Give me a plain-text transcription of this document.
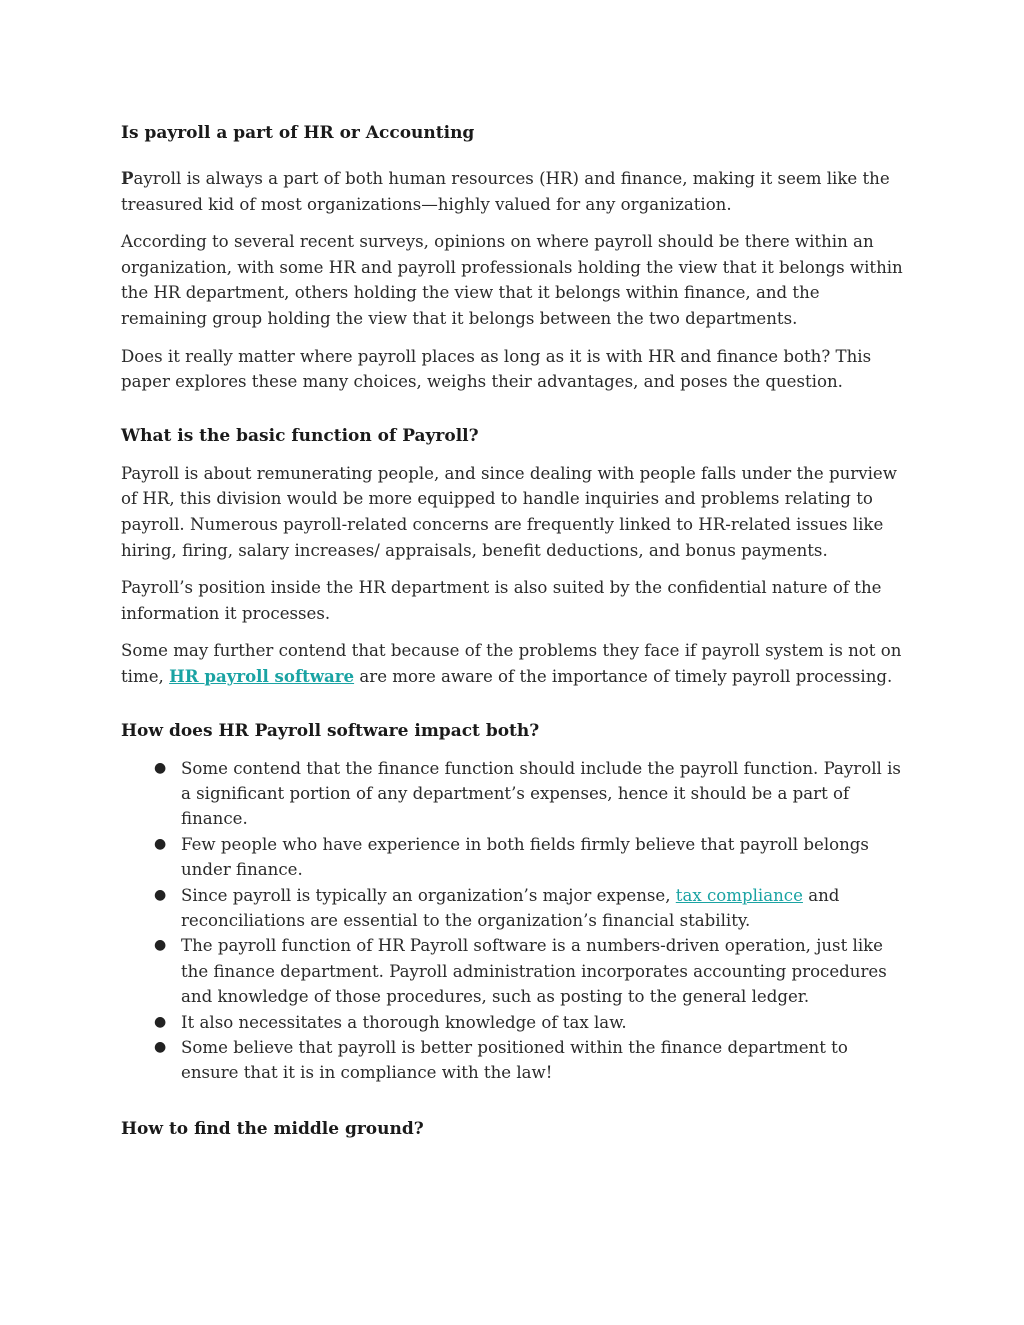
Is payroll a part of HR or Accounting

Payroll is always a part of both human resources (HR) and finance, making it seem like the treasured kid of most organizations—highly valued for any organization.

According to several recent surveys, opinions on where payroll should be there within an organization, with some HR and payroll professionals holding the view that it belongs within the HR department, others holding the view that it belongs within finance, and the remaining group holding the view that it belongs between the two departments.

Does it really matter where payroll places as long as it is with HR and finance both? This paper explores these many choices, weighs their advantages, and poses the question.

What is the basic function of Payroll?

Payroll is about remunerating people, and since dealing with people falls under the purview of HR, this division would be more equipped to handle inquiries and problems relating to payroll. Numerous payroll-related concerns are frequently linked to HR-related issues like hiring, firing, salary increases/ appraisals, benefit deductions, and bonus payments.

Payroll’s position inside the HR department is also suited by the confidential nature of the information it processes.

Some may further contend that because of the problems they face if payroll system is not on time, HR payroll software are more aware of the importance of timely payroll processing.

How does HR Payroll software impact both?
● Some contend that the finance function should include the payroll function. Payroll is a significant portion of any department’s expenses, hence it should be a part of finance.
● Few people who have experience in both fields firmly believe that payroll belongs under finance.
● Since payroll is typically an organization’s major expense, tax compliance and reconciliations are essential to the organization’s financial stability.
● The payroll function of HR Payroll software is a numbers-driven operation, just like the finance department. Payroll administration incorporates accounting procedures and knowledge of those procedures, such as posting to the general ledger.
● It also necessitates a thorough knowledge of tax law.
● Some believe that payroll is better positioned within the finance department to ensure that it is in compliance with the law!
How to find the middle ground?
